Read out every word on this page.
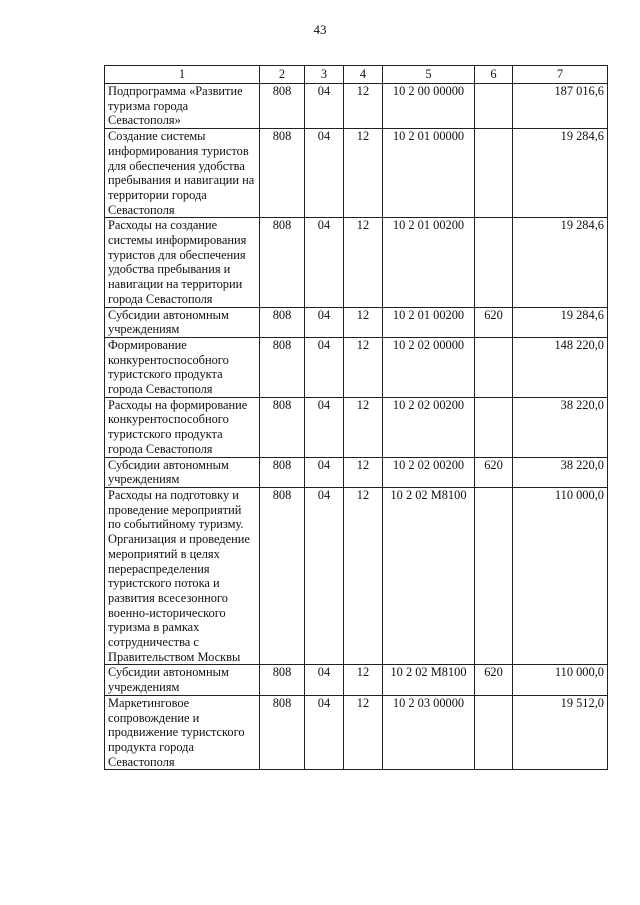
43
1	2	3	4	5	6	7
Подпрограмма «Развитие туризма города Севастополя»	808	04	12	10 2 00 00000		187 016,6
Создание системы информирования туристов для обеспечения удобства пребывания и навигации на территории города Севастополя	808	04	12	10 2 01 00000		19 284,6
Расходы на создание системы информирования туристов для обеспечения удобства пребывания и навигации на территории города Севастополя	808	04	12	10 2 01 00200		19 284,6
Субсидии автономным учреждениям	808	04	12	10 2 01 00200	620	19 284,6
Формирование конкурентоспособного туристского продукта города Севастополя	808	04	12	10 2 02 00000		148 220,0
Расходы на формирование конкурентоспособного туристского продукта города Севастополя	808	04	12	10 2 02 00200		38 220,0
Субсидии автономным учреждениям	808	04	12	10 2 02 00200	620	38 220,0
Расходы на подготовку и проведение мероприятий по событийному туризму. Организация и проведение мероприятий в целях перераспределения туристского потока и развития всесезонного военно-исторического туризма в рамках сотрудничества с Правительством Москвы	808	04	12	10 2 02 М8100		110 000,0
Субсидии автономным учреждениям	808	04	12	10 2 02 М8100	620	110 000,0
Маркетинговое сопровождение и продвижение туристского продукта города Севастополя	808	04	12	10 2 03 00000		19 512,0
